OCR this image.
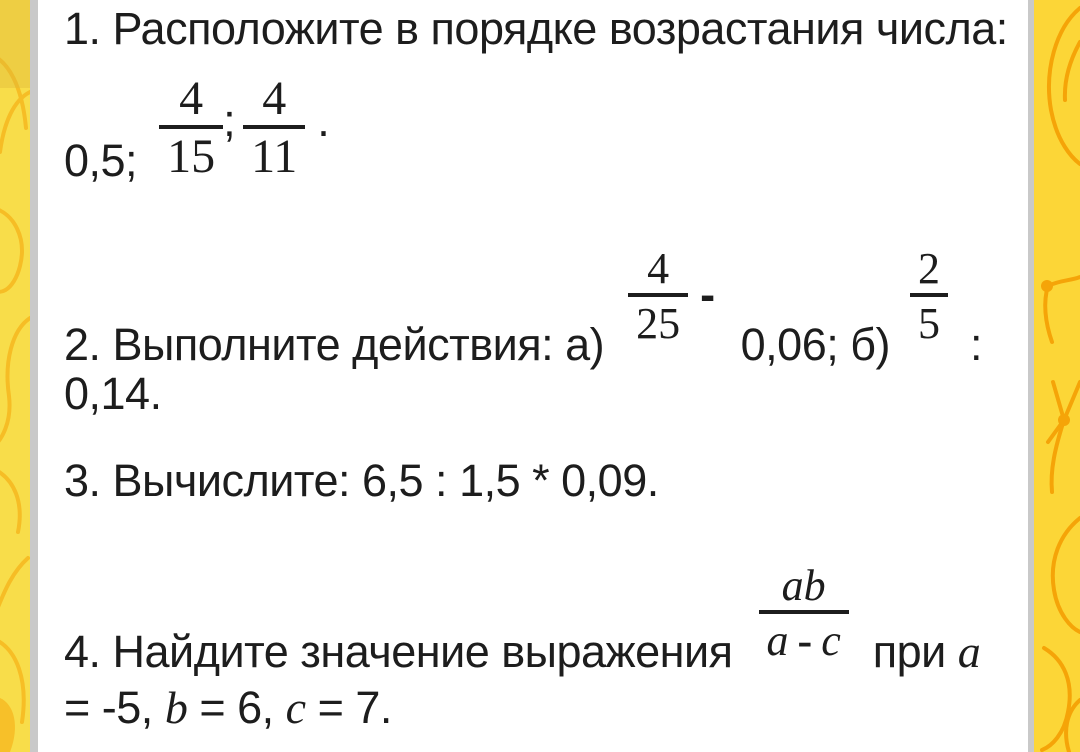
1. Расположите в порядке возрастания числа:
0,5; $\frac{4}{15}$ ; $\frac{4}{11}$ .
2. Выполните действия: а)
$\frac{4}{25} -0,06$; б)
$\frac{2}{5}$
:
0,14.
3. Вычислите: 6,5 : 1,5 * 0,09.
4. Найдите значение выражения $\frac{ab}{a - c}$ при a
= -5, b = 6, c = 7.
